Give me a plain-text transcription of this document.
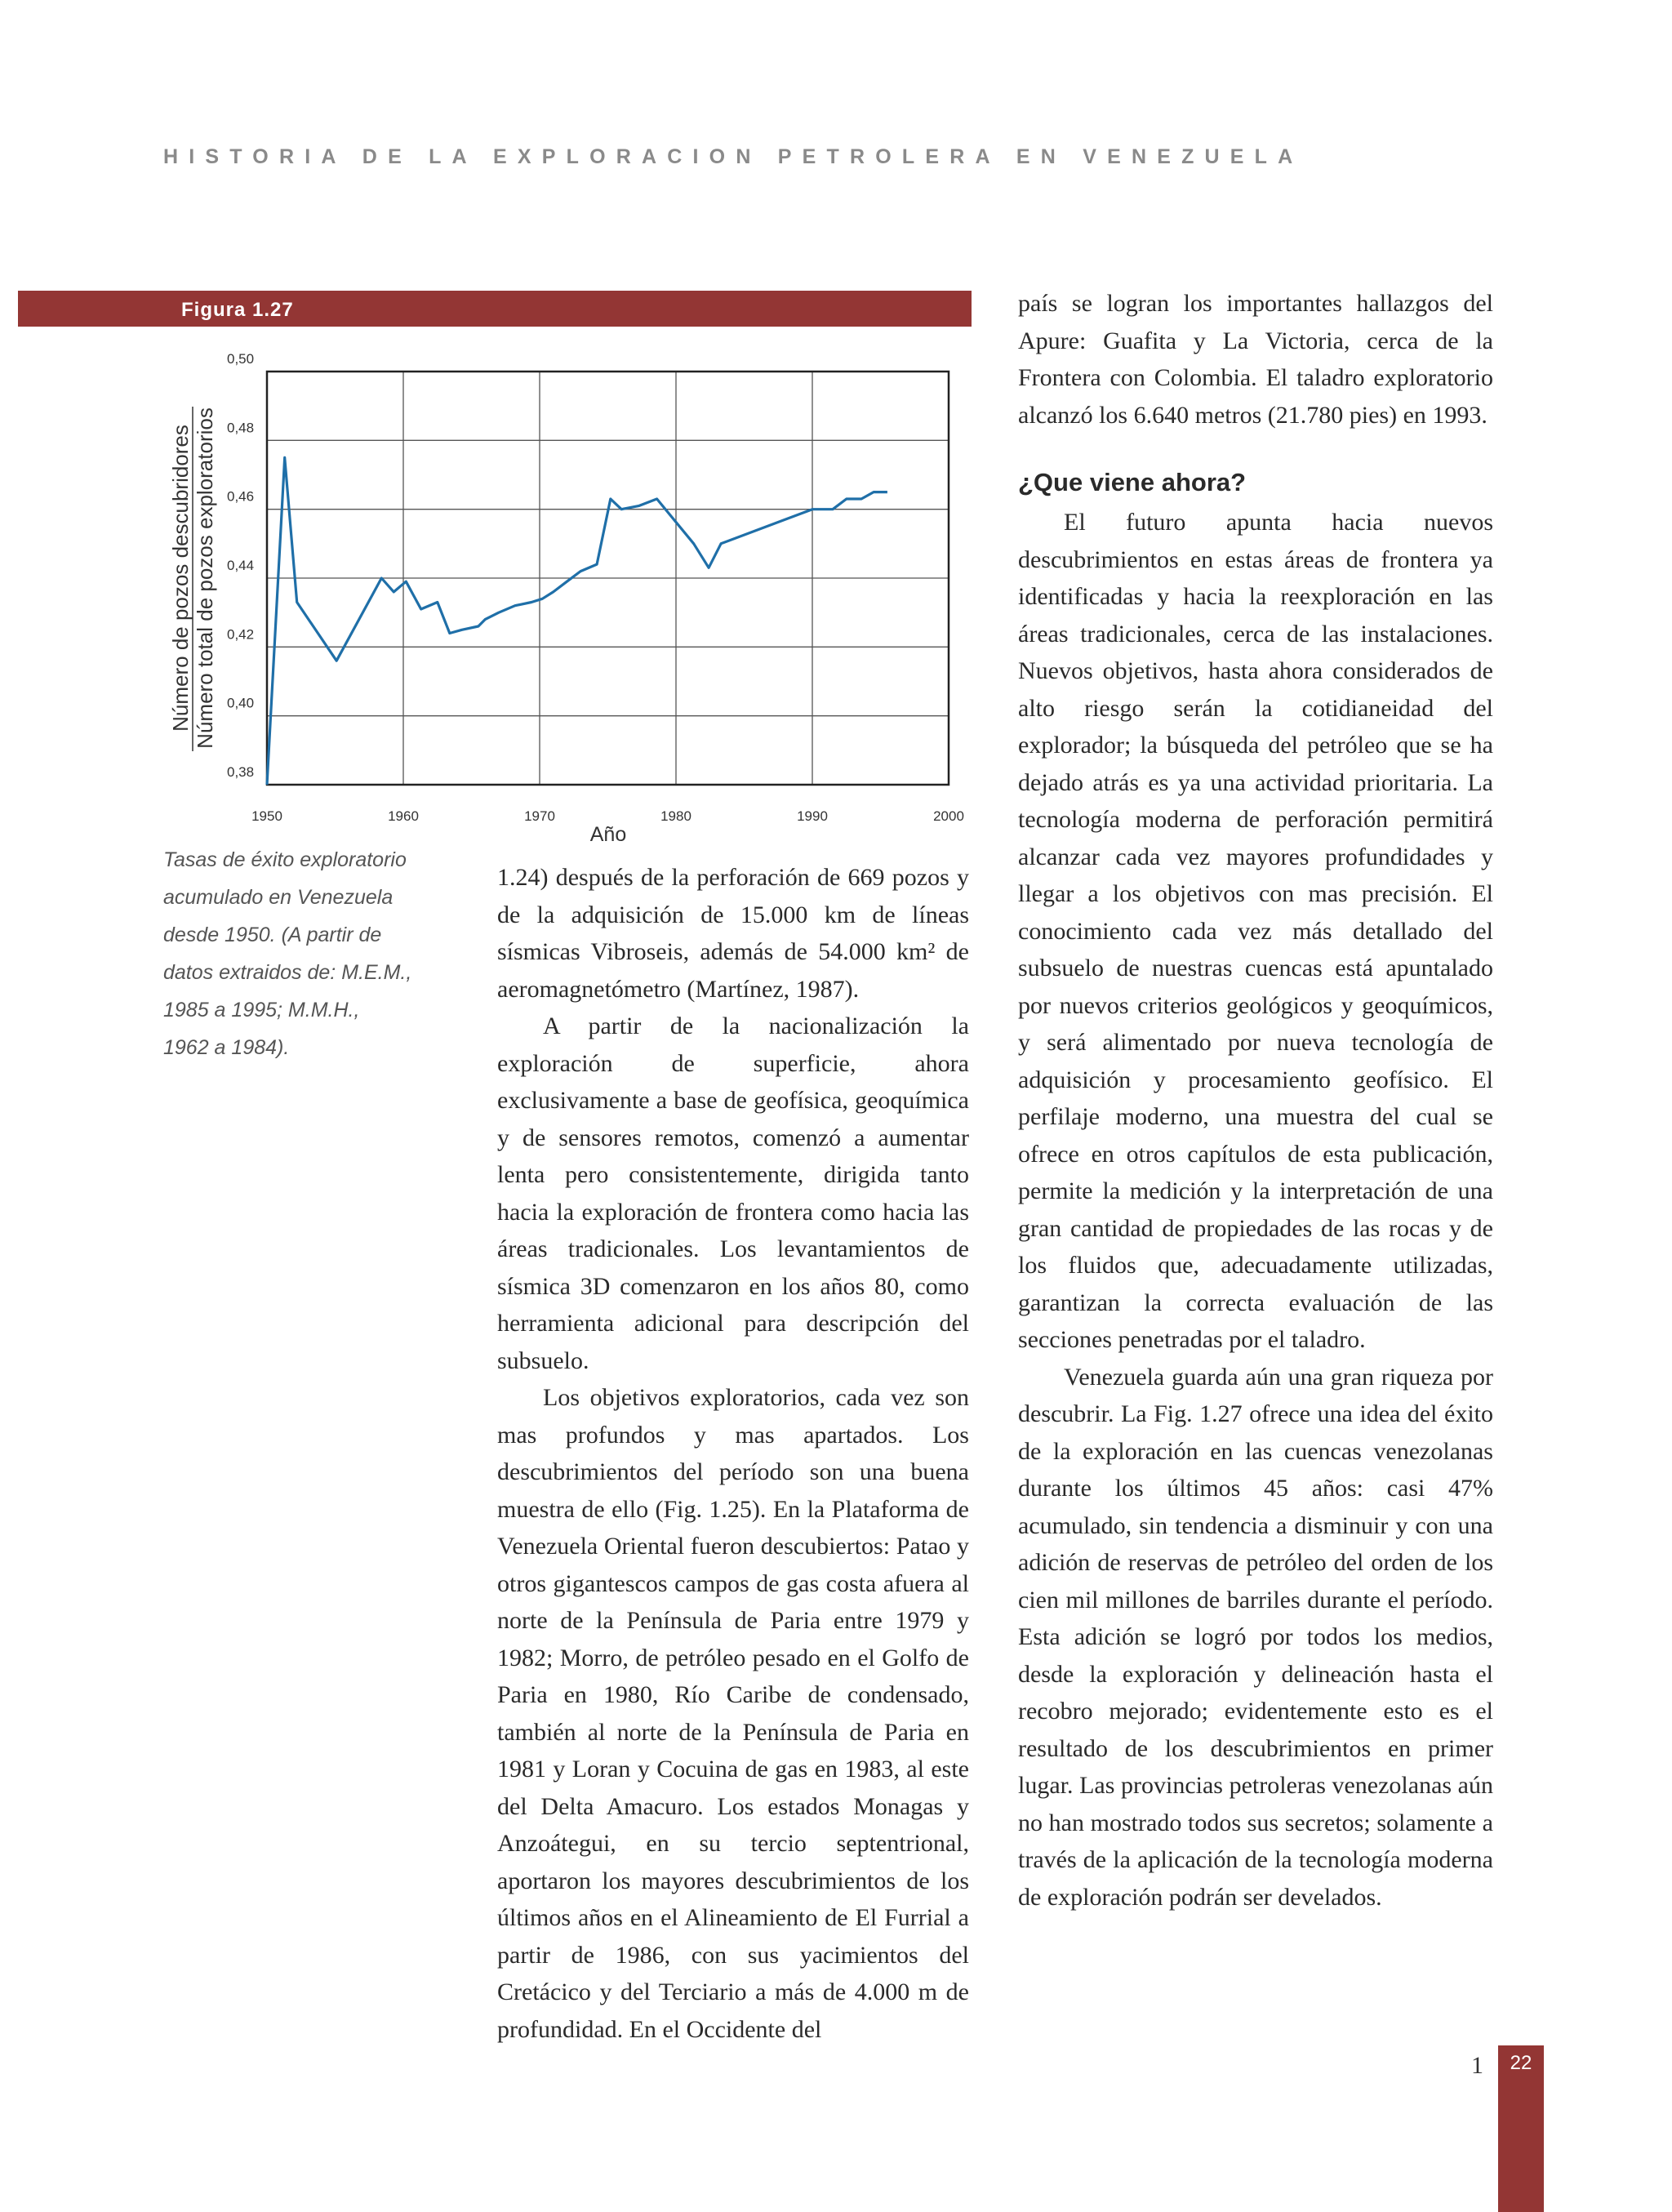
HISTORIA DE LA EXPLORACION PETROLERA EN VENEZUELA
Figura 1.27
0,38
0,40
0,42
0,44
0,46
0,48
0,50
1950	1960	1970	1980	1990	2000
Año
Número de pozos descubridores Número total de pozos exploratorios
Tasas de éxito exploratorio
acumulado en Venezuela
desde 1950. (A partir de
datos extraidos de: M.E.M.,
1985 a 1995; M.M.H.,
1962 a 1984).

1.24) después de la perforación de 669 pozos y de la adquisición de 15.000 km de líneas sísmicas Vibroseis, además de 54.000 km² de aeromagnetómetro (Martínez, 1987).

A partir de la nacionalización la exploración de superficie, ahora exclusivamente a base de geofísica, geoquímica y de sensores remotos, comenzó a aumentar lenta pero consistentemente, dirigida tanto hacia la exploración de frontera como hacia las áreas tradicionales. Los levantamientos de sísmica 3D comenzaron en los años 80, como herramienta adicional para descripción del subsuelo.

Los objetivos exploratorios, cada vez son mas profundos y mas apartados. Los descubrimientos del período son una buena muestra de ello (Fig. 1.25). En la Plataforma de Venezuela Oriental fueron descubiertos: Patao y otros gigantescos campos de gas costa afuera al norte de la Península de Paria entre 1979 y 1982; Morro, de petróleo pesado en el Golfo de Paria en 1980, Río Caribe de condensado, también al norte de la Península de Paria en 1981 y Loran y Cocuina de gas en 1983, al este del Delta Amacuro. Los estados Monagas y Anzoátegui, en su tercio septentrional, aportaron los mayores descubrimientos de los últimos años en el Alineamiento de El Furrial a partir de 1986, con sus yacimientos del Cretácico y del Terciario a más de 4.000 m de profundidad. En el Occidente del

país se logran los importantes hallazgos del Apure: Guafita y La Victoria, cerca de la Frontera con Colombia. El taladro exploratorio alcanzó los 6.640 metros (21.780 pies) en 1993.

¿Que viene ahora?

El futuro apunta hacia nuevos descubrimientos en estas áreas de frontera ya identificadas y hacia la reexploración en las áreas tradicionales, cerca de las instalaciones. Nuevos objetivos, hasta ahora considerados de alto riesgo serán la cotidianeidad del explorador; la búsqueda del petróleo que se ha dejado atrás es ya una actividad prioritaria. La tecnología moderna de perforación permitirá alcanzar cada vez mayores profundidades y llegar a los objetivos con mas precisión. El conocimiento cada vez más detallado del subsuelo de nuestras cuencas está apuntalado por nuevos criterios geológicos y geoquímicos, y será alimentado por nueva tecnología de adquisición y procesamiento geofísico. El perfilaje moderno, una muestra del cual se ofrece en otros capítulos de esta publicación, permite la medición y la interpretación de una gran cantidad de propiedades de las rocas y de los fluidos que, adecuadamente utilizadas, garantizan la correcta evaluación de las secciones penetradas por el taladro.

Venezuela guarda aún una gran riqueza por descubrir. La Fig. 1.27 ofrece una idea del éxito de la exploración en las cuencas venezolanas durante los últimos 45 años: casi 47% acumulado, sin tendencia a disminuir y con una adición de reservas de petróleo del orden de los cien mil millones de barriles durante el período. Esta adición se logró por todos los medios, desde la exploración y delineación hasta el recobro mejorado; evidentemente esto es el resultado de los descubrimientos en primer lugar. Las provincias petroleras venezolanas aún no han mostrado todos sus secretos; solamente a través de la aplicación de la tecnología moderna de exploración podrán ser develados.

1	22
